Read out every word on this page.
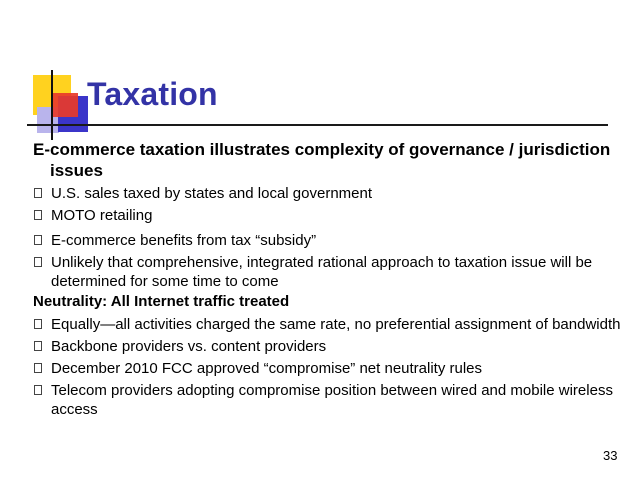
Taxation

E-commerce taxation illustrates complexity of governance / jurisdiction issues

U.S. sales taxed by states and local government
MOTO retailing
E-commerce benefits from tax “subsidy”
Unlikely that comprehensive, integrated rational approach to taxation issue will be determined for some time to come

Neutrality: All Internet traffic treated

Equally—all activities charged the same rate, no preferential assignment of bandwidth
Backbone providers vs. content providers
December 2010 FCC approved “compromise” net neutrality rules
Telecom providers adopting compromise position between wired and mobile wireless access
33
